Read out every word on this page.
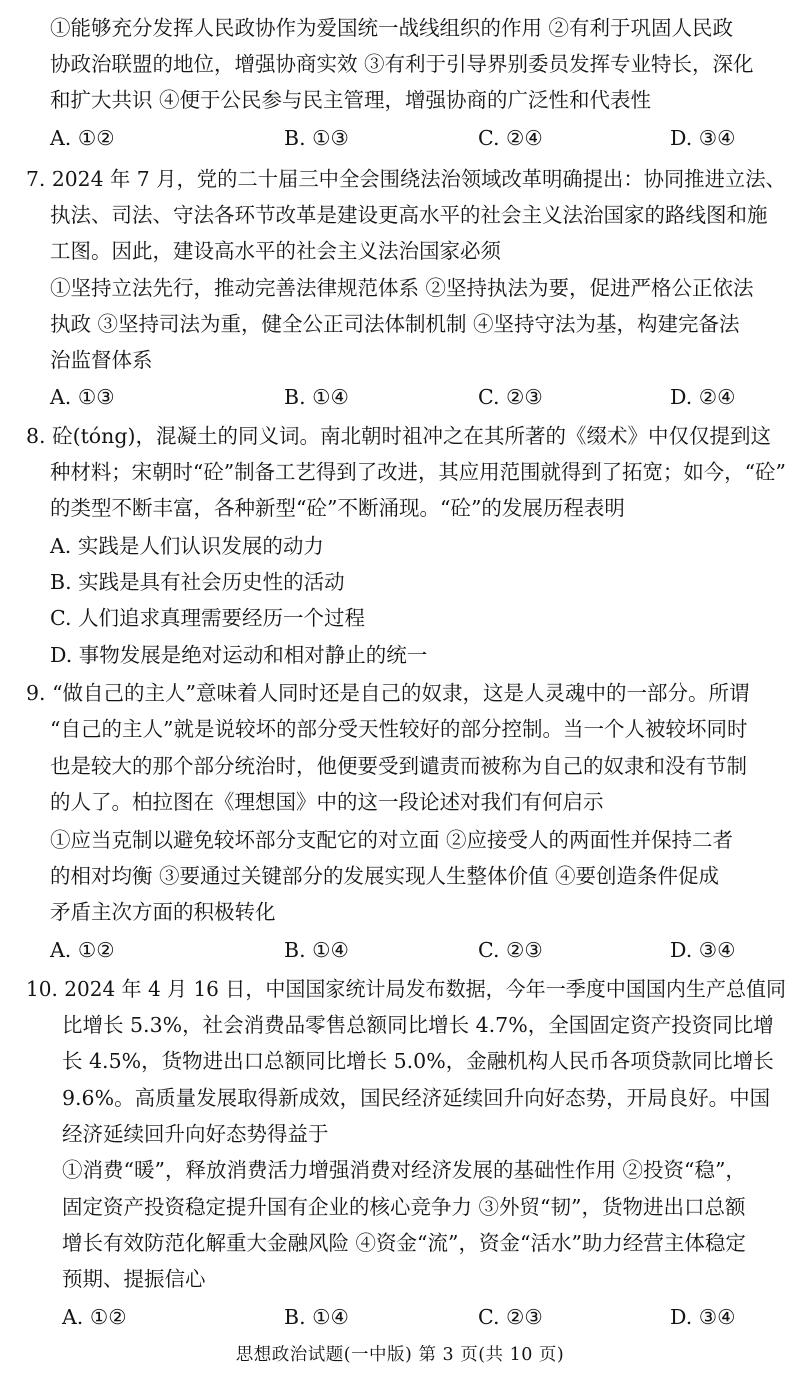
①能够充分发挥人民政协作为爱国统一战线组织的作用 ②有利于巩固人民政
协政治联盟的地位，增强协商实效 ③有利于引导界别委员发挥专业特长，深化
和扩大共识 ④便于公民参与民主管理，增强协商的广泛性和代表性
A. ①②	B. ①③	C. ②④	D. ③④
7. 2024 年 7 月，党的二十届三中全会围绕法治领域改革明确提出：协同推进立法、
执法、司法、守法各环节改革是建设更高水平的社会主义法治国家的路线图和施
工图。因此，建设高水平的社会主义法治国家必须
①坚持立法先行，推动完善法律规范体系 ②坚持执法为要，促进严格公正依法
执政 ③坚持司法为重，健全公正司法体制机制 ④坚持守法为基，构建完备法
治监督体系
A. ①③	B. ①④	C. ②③	D. ②④
8. 砼(tóng)，混凝土的同义词。南北朝时祖冲之在其所著的《缀术》中仅仅提到这
种材料；宋朝时“砼”制备工艺得到了改进，其应用范围就得到了拓宽；如今，“砼”
的类型不断丰富，各种新型“砼”不断涌现。“砼”的发展历程表明
A. 实践是人们认识发展的动力
B. 实践是具有社会历史性的活动
C. 人们追求真理需要经历一个过程
D. 事物发展是绝对运动和相对静止的统一
9. “做自己的主人”意味着人同时还是自己的奴隶，这是人灵魂中的一部分。所谓
“自己的主人”就是说较坏的部分受天性较好的部分控制。当一个人被较坏同时
也是较大的那个部分统治时，他便要受到谴责而被称为自己的奴隶和没有节制
的人了。柏拉图在《理想国》中的这一段论述对我们有何启示
①应当克制以避免较坏部分支配它的对立面 ②应接受人的两面性并保持二者
的相对均衡 ③要通过关键部分的发展实现人生整体价值 ④要创造条件促成
矛盾主次方面的积极转化
A. ①②	B. ①④	C. ②③	D. ③④
10. 2024 年 4 月 16 日，中国国家统计局发布数据，今年一季度中国国内生产总值同
比增长 5.3%，社会消费品零售总额同比增长 4.7%，全国固定资产投资同比增
长 4.5%，货物进出口总额同比增长 5.0%，金融机构人民币各项贷款同比增长
9.6%。高质量发展取得新成效，国民经济延续回升向好态势，开局良好。中国
经济延续回升向好态势得益于
①消费“暖”，释放消费活力增强消费对经济发展的基础性作用 ②投资“稳”，
固定资产投资稳定提升国有企业的核心竞争力 ③外贸“韧”，货物进出口总额
增长有效防范化解重大金融风险 ④资金“流”，资金“活水”助力经营主体稳定
预期、提振信心
A. ①②	B. ①④	C. ②③	D. ③④
思想政治试题(一中版) 第 3 页(共 10 页)
